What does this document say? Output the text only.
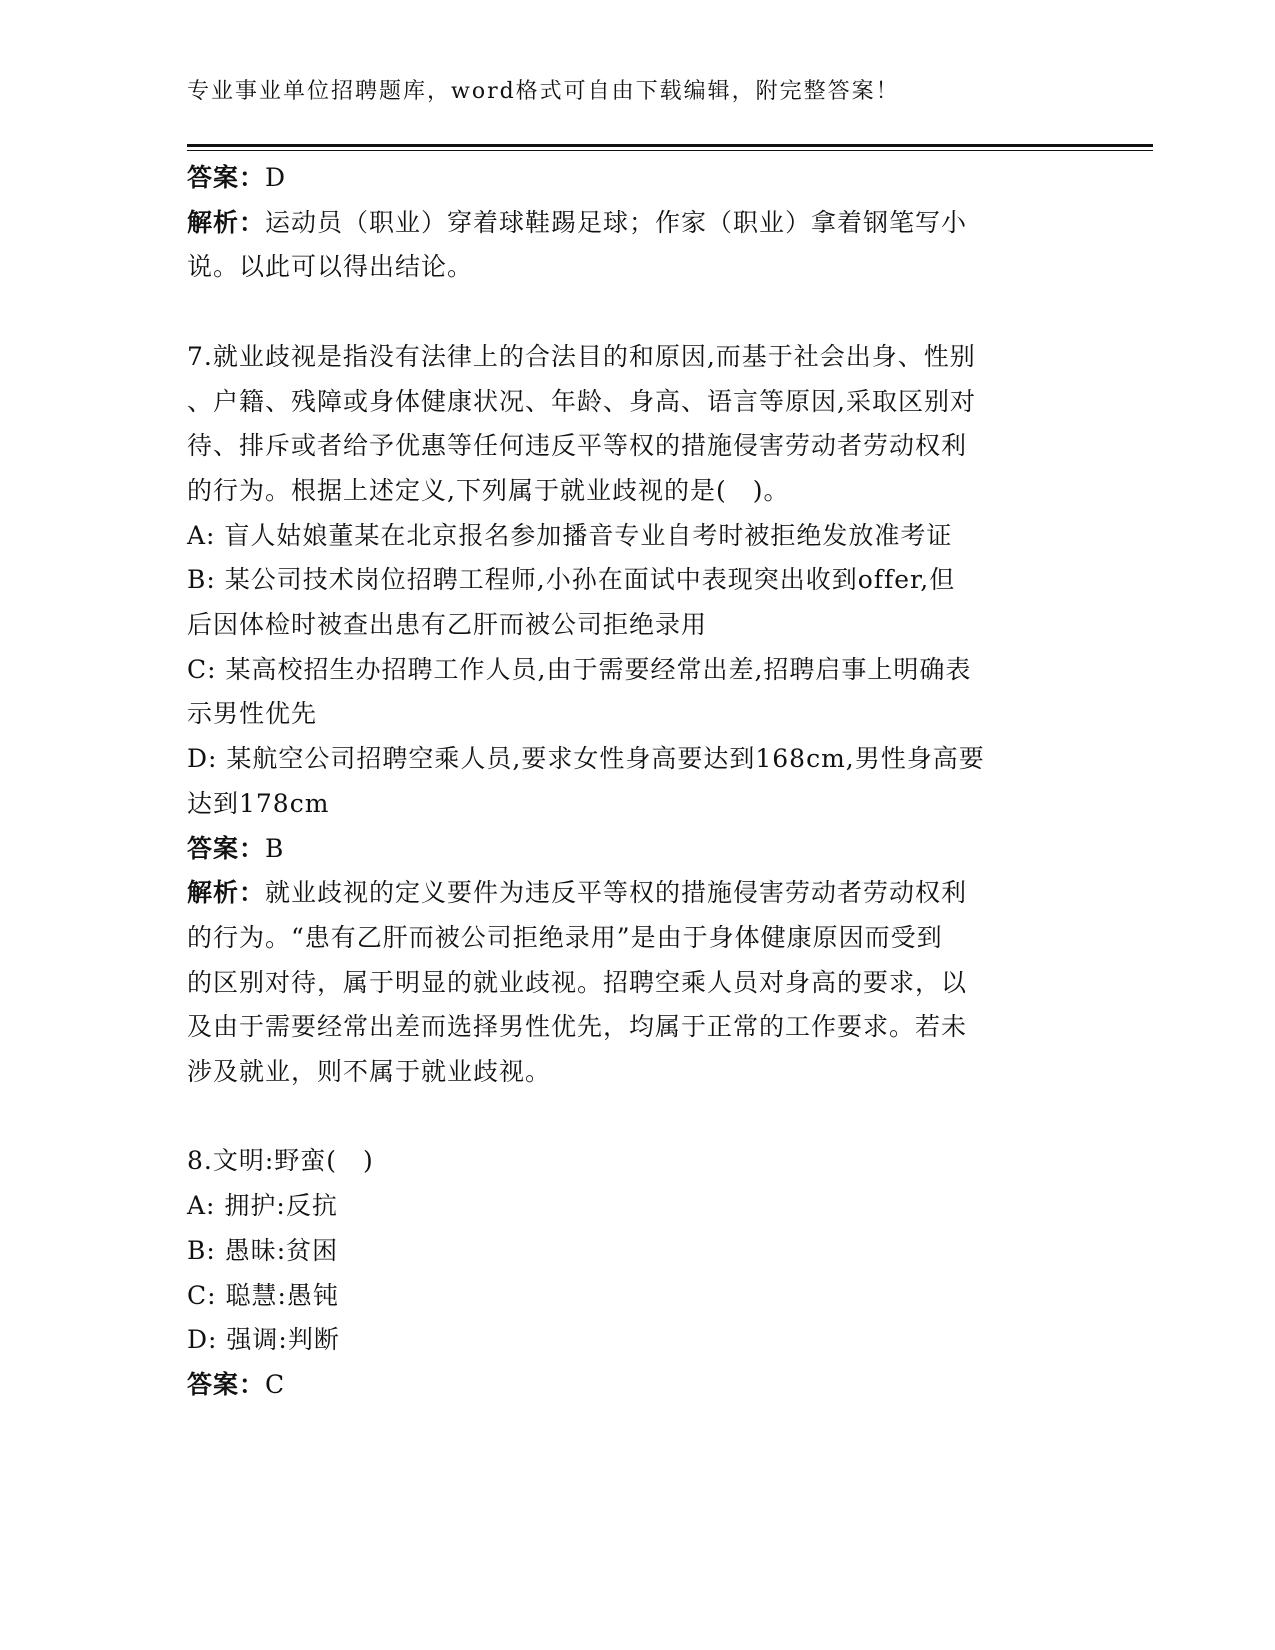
专业事业单位招聘题库，word格式可自由下载编辑，附完整答案！

答案：D

解析：运动员（职业）穿着球鞋踢足球；作家（职业）拿着钢笔写小

说。以此可以得出结论。

7.就业歧视是指没有法律上的合法目的和原因,而基于社会出身、性别

、户籍、残障或身体健康状况、年龄、身高、语言等原因,采取区别对

待、排斥或者给予优惠等任何违反平等权的措施侵害劳动者劳动权利

的行为。根据上述定义,下列属于就业歧视的是(　)。

A: 盲人姑娘董某在北京报名参加播音专业自考时被拒绝发放准考证

B: 某公司技术岗位招聘工程师,小孙在面试中表现突出收到offer,但

后因体检时被查出患有乙肝而被公司拒绝录用

C: 某高校招生办招聘工作人员,由于需要经常出差,招聘启事上明确表

示男性优先

D: 某航空公司招聘空乘人员,要求女性身高要达到168cm,男性身高要

达到178cm

答案：B

解析：就业歧视的定义要件为违反平等权的措施侵害劳动者劳动权利

的行为。“患有乙肝而被公司拒绝录用”是由于身体健康原因而受到

的区别对待，属于明显的就业歧视。招聘空乘人员对身高的要求，以

及由于需要经常出差而选择男性优先，均属于正常的工作要求。若未

涉及就业，则不属于就业歧视。

8.文明:野蛮(　)

A: 拥护:反抗

B: 愚昧:贫困

C: 聪慧:愚钝

D: 强调:判断

答案：C
